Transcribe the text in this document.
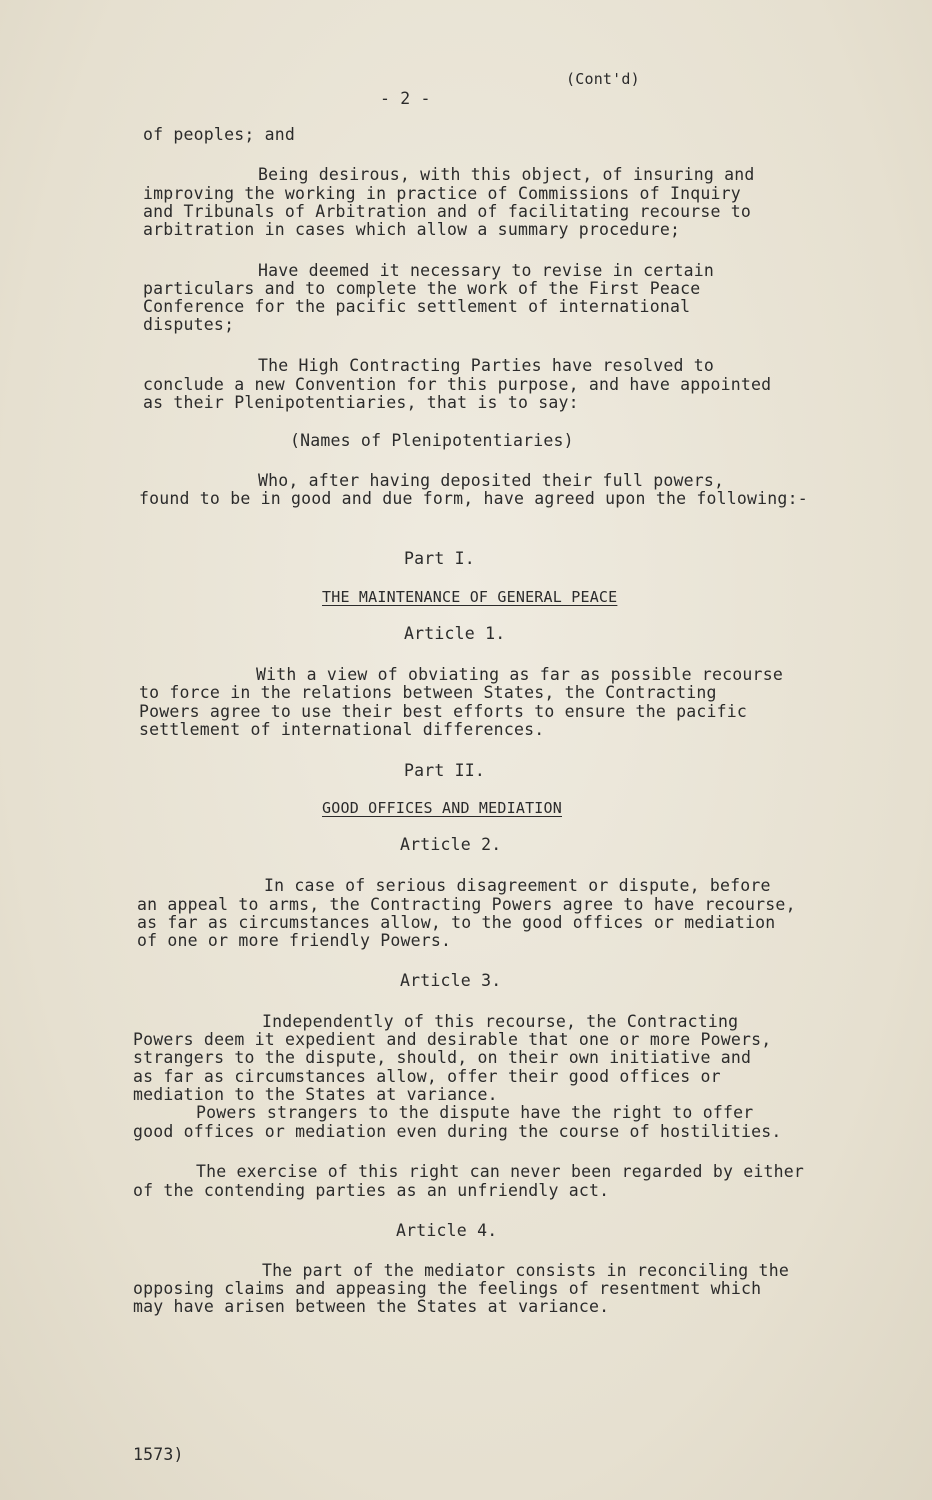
- 2 -
(Cont'd)
of peoples; and
Being desirous, with this object, of insuring and
improving the working in practice of Commissions of Inquiry
and Tribunals of Arbitration and of facilitating recourse to
arbitration in cases which allow a summary procedure;
Have deemed it necessary to revise in certain
particulars and to complete the work of the First Peace
Conference for the pacific settlement of international
disputes;
The High Contracting Parties have resolved to
conclude a new Convention for this purpose, and have appointed
as their Plenipotentiaries, that is to say:
(Names of Plenipotentiaries)
Who, after having deposited their full powers,
found to be in good and due form, have agreed upon the following:-
Part I.
THE MAINTENANCE OF GENERAL PEACE
Article 1.
With a view of obviating as far as possible recourse
to force in the relations between States, the Contracting
Powers agree to use their best efforts to ensure the pacific
settlement of international differences.
Part II.
GOOD OFFICES AND MEDIATION
Article 2.
In case of serious disagreement or dispute, before
an appeal to arms, the Contracting Powers agree to have recourse,
as far as circumstances allow, to the good offices or mediation
of one or more friendly Powers.
Article 3.
Independently of this recourse, the Contracting
Powers deem it expedient and desirable that one or more Powers,
strangers to the dispute, should, on their own initiative and
as far as circumstances allow, offer their good offices or
mediation to the States at variance.
Powers strangers to the dispute have the right to offer
good offices or mediation even during the course of hostilities.
The exercise of this right can never been regarded by either
of the contending parties as an unfriendly act.
Article 4.
The part of the mediator consists in reconciling the
opposing claims and appeasing the feelings of resentment which
may have arisen between the States at variance.
1573)
